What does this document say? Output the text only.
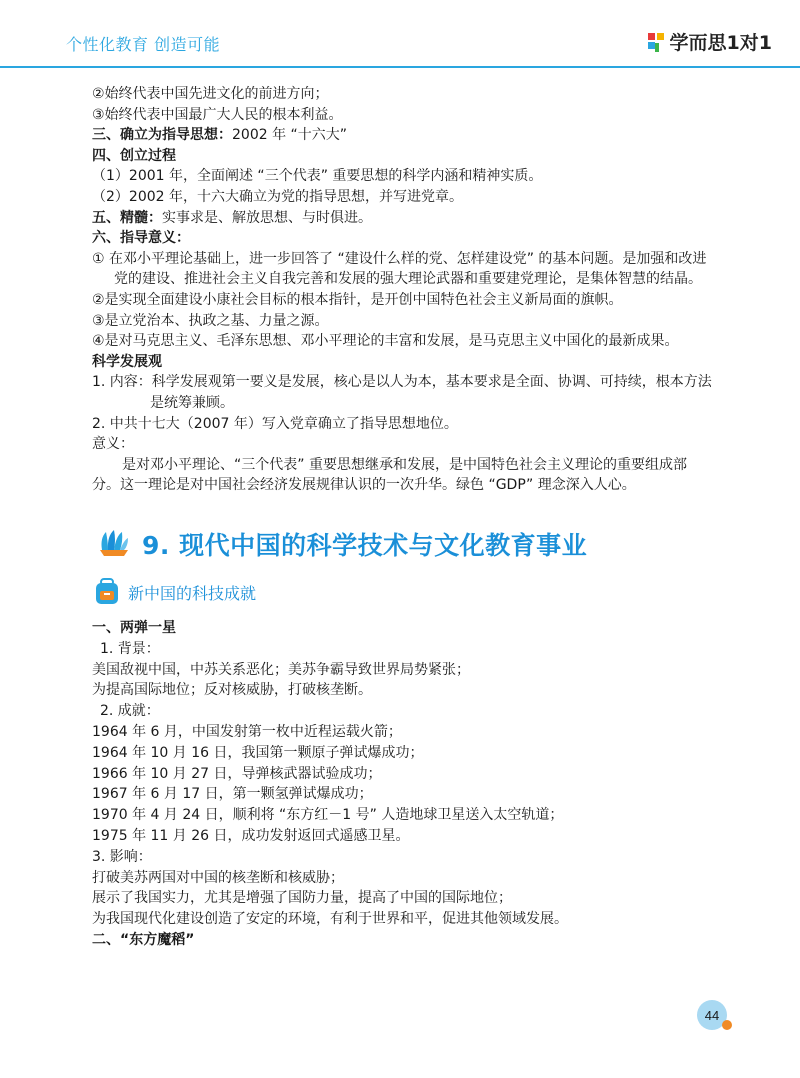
个性化教育 创造可能	学而思1对1
②始终代表中国先进文化的前进方向；
③始终代表中国最广大人民的根本利益。
三、确立为指导思想：2002 年 “十六大”
四、创立过程
（1）2001 年，全面阐述 “三个代表” 重要思想的科学内涵和精神实质。
（2）2002 年，十六大确立为党的指导思想，并写进党章。
五、精髓：实事求是、解放思想、与时俱进。
六、指导意义：
① 在邓小平理论基础上，进一步回答了 “建设什么样的党、怎样建设党” 的基本问题。是加强和改进
党的建设、推进社会主义自我完善和发展的强大理论武器和重要建党理论，是集体智慧的结晶。
②是实现全面建设小康社会目标的根本指针，是开创中国特色社会主义新局面的旗帜。
③是立党治本、执政之基、力量之源。
④是对马克思主义、毛泽东思想、邓小平理论的丰富和发展，是马克思主义中国化的最新成果。
科学发展观
1. 内容：科学发展观第一要义是发展，核心是以人为本，基本要求是全面、协调、可持续，根本方法
是统筹兼顾。
2. 中共十七大（2007 年）写入党章确立了指导思想地位。
意义：
是对邓小平理论、“三个代表” 重要思想继承和发展，是中国特色社会主义理论的重要组成部
分。这一理论是对中国社会经济发展规律认识的一次升华。绿色 “GDP” 理念深入人心。
9. 现代中国的科学技术与文化教育事业
新中国的科技成就
一、两弹一星
1. 背景：
美国敌视中国，中苏关系恶化；美苏争霸导致世界局势紧张；
为提高国际地位；反对核威胁，打破核垄断。
2. 成就：
1964 年 6 月，中国发射第一枚中近程运载火箭；
1964 年 10 月 16 日，我国第一颗原子弹试爆成功；
1966 年 10 月 27 日，导弹核武器试验成功；
1967 年 6 月 17 日，第一颗氢弹试爆成功；
1970 年 4 月 24 日，顺利将 “东方红－1 号” 人造地球卫星送入太空轨道；
1975 年 11 月 26 日，成功发射返回式遥感卫星。
3. 影响：
打破美苏两国对中国的核垄断和核威胁；
展示了我国实力，尤其是增强了国防力量，提高了中国的国际地位；
为我国现代化建设创造了安定的环境，有利于世界和平，促进其他领域发展。
二、“东方魔稻”
44
